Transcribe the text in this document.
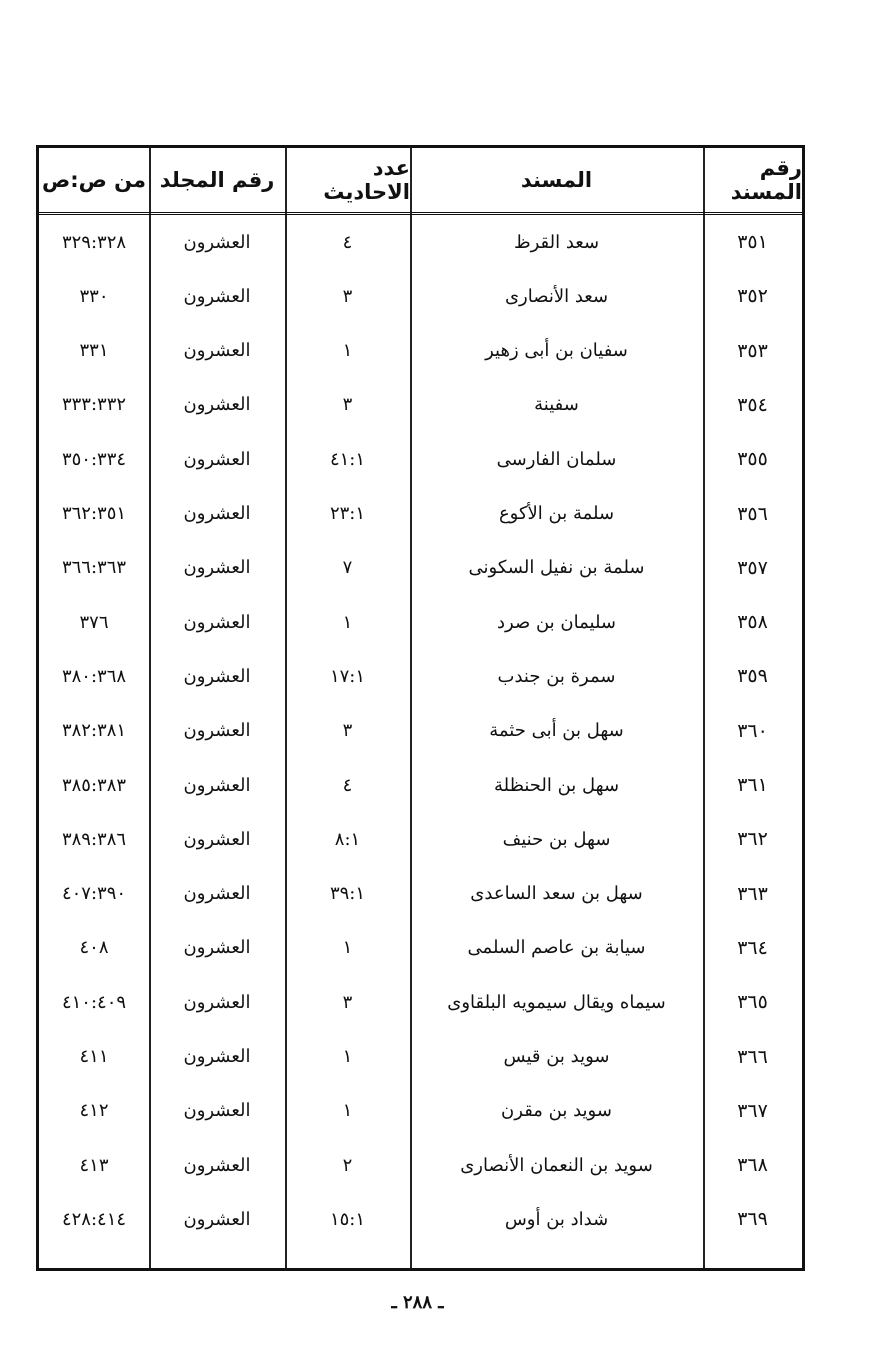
رقم المسند
المسند
عدد الاحاديث
رقم المجلد
من ص:ص
٣٥١
سعد القرظ
٤
العشرون
٣٢٩:٣٢٨
٣٥٢
سعد الأنصارى
٣
العشرون
٣٣٠
٣٥٣
سفيان بن أبى زهير
١
العشرون
٣٣١
٣٥٤
سفينة
٣
العشرون
٣٣٣:٣٣٢
٣٥٥
سلمان الفارسى
٤١:١
العشرون
٣٥٠:٣٣٤
٣٥٦
سلمة بن الأكوع
٢٣:١
العشرون
٣٦٢:٣٥١
٣٥٧
سلمة بن نفيل السكونى
٧
العشرون
٣٦٦:٣٦٣
٣٥٨
سليمان بن صرد
١
العشرون
٣٧٦
٣٥٩
سمرة بن جندب
١٧:١
العشرون
٣٨٠:٣٦٨
٣٦٠
سهل بن أبى حثمة
٣
العشرون
٣٨٢:٣٨١
٣٦١
سهل بن الحنظلة
٤
العشرون
٣٨٥:٣٨٣
٣٦٢
سهل بن حنيف
٨:١
العشرون
٣٨٩:٣٨٦
٣٦٣
سهل بن سعد الساعدى
٣٩:١
العشرون
٤٠٧:٣٩٠
٣٦٤
سيابة بن عاصم السلمى
١
العشرون
٤٠٨
٣٦٥
سيماه ويقال سيمويه البلقاوى
٣
العشرون
٤١٠:٤٠٩
٣٦٦
سويد بن قيس
١
العشرون
٤١١
٣٦٧
سويد بن مقرن
١
العشرون
٤١٢
٣٦٨
سويد بن النعمان الأنصارى
٢
العشرون
٤١٣
٣٦٩
شداد بن أوس
١٥:١
العشرون
٤٢٨:٤١٤
ـ ٢٨٨ ـ
